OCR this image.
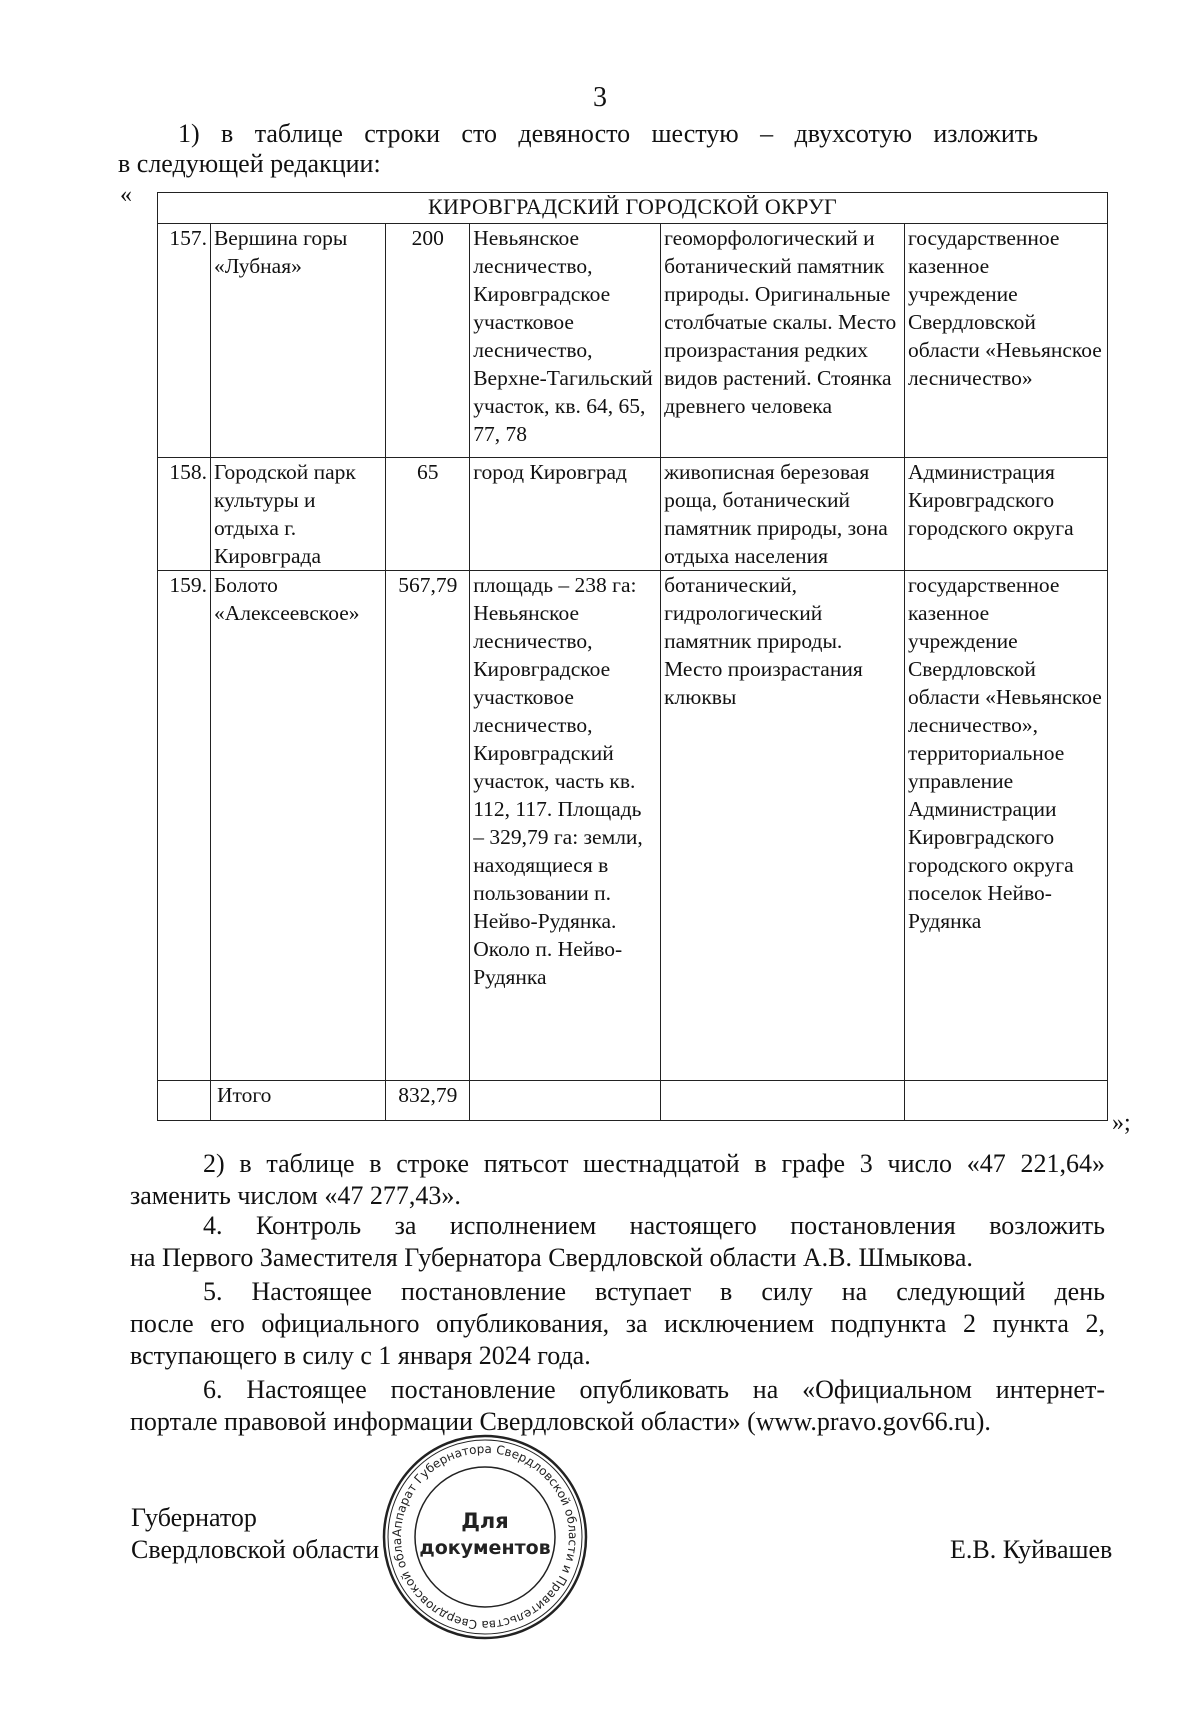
3
1) в таблице строки сто девяносто шестую – двухсотую изложить
в следующей редакции:
«	КИРОВГРАДСКИЙ ГОРОДСКОЙ ОКРУГ					
157.	Вершина горы «Лубная»	200	Невьянское лесничество, Кировградское участковое лесничество, Верхне-Тагильский участок, кв. 64, 65, 77, 78	геоморфологический и ботанический памятник природы. Оригинальные столбчатые скалы. Место произрастания редких видов растений. Стоянка древнего человека	государственное казенное учреждение Свердловской области «Невьянское лесничество»
158.	Городской парк культуры и отдыха г. Кировграда	65	город Кировград	живописная березовая роща, ботанический памятник природы, зона отдыха населения	Администрация Кировградского городского округа
159.	Болото «Алексеевское»	567,79	площадь – 238 га: Невьянское лесничество, Кировградское участковое лесничество, Кировградский участок, часть кв. 112, 117. Площадь – 329,79 га: земли, находящиеся в пользовании п. Нейво-Рудянка. Около п. Нейво-Рудянка	ботанический, гидрологический памятник природы. Место произрастания клюквы	государственное казенное учреждение Свердловской области «Невьянское лесничество», территориальное управление Администрации Кировградского городского округа поселок Нейво-Рудянка
	Итого	832,79			
»;
2) в таблице в строке пятьсот шестнадцатой в графе 3 число «47 221,64»
заменить числом «47 277,43».
4. Контроль за исполнением настоящего постановления возложить
на Первого Заместителя Губернатора Свердловской области А.В. Шмыкова.
5. Настоящее постановление вступает в силу на следующий день
после его официального опубликования, за исключением подпункта 2 пункта 2,
вступающего в силу с 1 января 2024 года.
6. Настоящее постановление опубликовать на «Официальном интернет-
портале правовой информации Свердловской области» (www.pravo.gov66.ru).
Губернатор
Свердловской области	Е.В. Куйвашев
Аппарат Губернатора Свердловской области и Правительства Свердловской обла
Для
документов
